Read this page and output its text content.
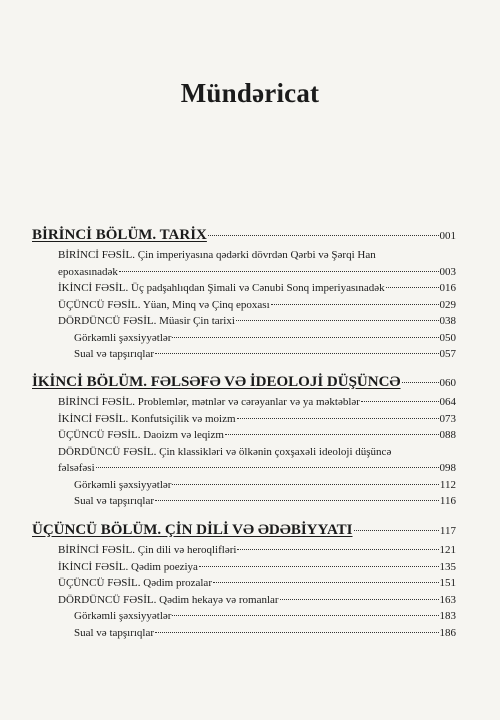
Mündəricat
BİRİNCİ BÖLÜM. TARİX	001
BİRİNCİ FƏSİL. Çin imperiyasına qədərki dövrdən Qərbi və Şərqi Han
epoxasınadək	003
İKİNCİ FƏSİL. Üç padşahlıqdan Şimali və Cənubi Sonq imperiyasınadək	016
ÜÇÜNCÜ FƏSİL. Yüan, Minq və Çinq epoxası	029
DÖRDÜNCÜ FƏSİL. Müasir Çin tarixi	038
Görkəmli şəxsiyyətlər	050
Sual və tapşırıqlar	057
İKİNCİ BÖLÜM. FƏLSƏFƏ VƏ İDEOLOJİ DÜŞÜNCƏ	060
BİRİNCİ FƏSİL. Problemlər, mətnlər və cərəyanlar və ya məktəblər	064
İKİNCİ FƏSİL. Konfutsiçilik və moizm	073
ÜÇÜNCÜ FƏSİL. Daoizm və leqizm	088
DÖRDÜNCÜ FƏSİL. Çin klassikləri və ölkənin çoxşaxəli ideoloji düşüncə
fəlsəfəsi	098
Görkəmli şəxsiyyətlər	112
Sual və tapşırıqlar	116
ÜÇÜNCÜ BÖLÜM. ÇİN DİLİ VƏ ƏDƏBİYYATI	117
BİRİNCİ FƏSİL. Çin dili və heroqlifləri	121
İKİNCİ FƏSİL. Qədim poeziya	135
ÜÇÜNCÜ FƏSİL. Qədim prozalar	151
DÖRDÜNCÜ FƏSİL. Qədim hekayə və romanlar	163
Görkəmli şəxsiyyətlər	183
Sual və tapşırıqlar	186
